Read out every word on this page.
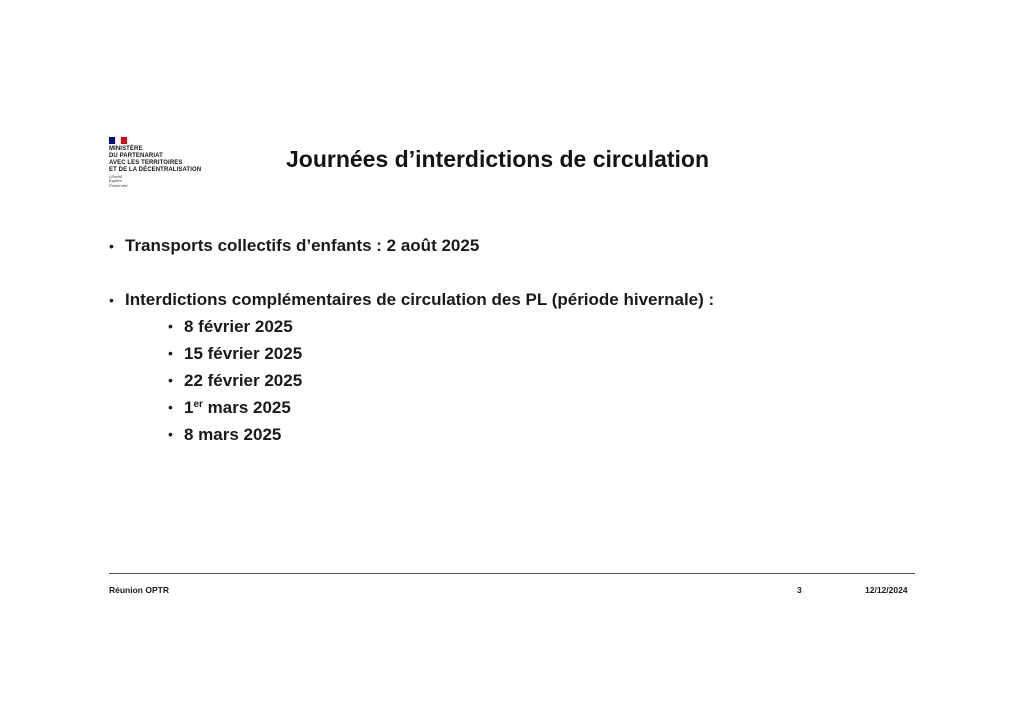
MINISTÈRE
DU PARTENARIAT
AVEC LES TERRITOIRES
ET DE LA DÉCENTRALISATION
Liberté
Égalité
Fraternité
Journées d’interdictions de circulation
• Transports collectifs d’enfants : 2 août 2025
• Interdictions complémentaires de circulation des PL (période hivernale) :
• 8 février 2025
• 15 février 2025
• 22 février 2025
• 1er mars 2025
• 8 mars 2025
Réunion OPTR	3	12/12/2024
